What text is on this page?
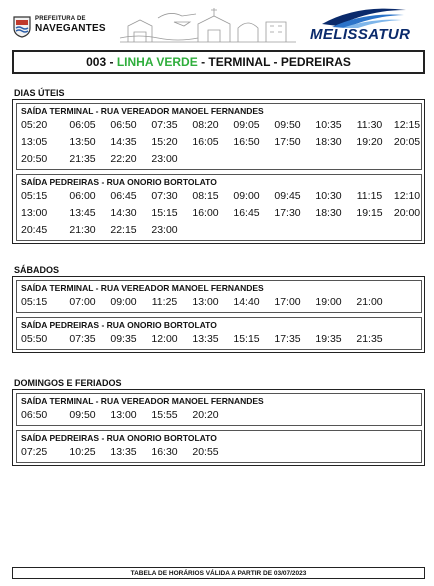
PREFEITURA DE
NAVEGANTES	MELISSATUR
003 - LINHA VERDE - TERMINAL - PEDREIRAS
DIAS ÚTEIS
SAÍDA TERMINAL - RUA VEREADOR MANOEL FERNANDES
05:20	06:05	06:50	07:35	08:20	09:05	09:50	10:35	11:30	12:15
13:05	13:50	14:35	15:20	16:05	16:50	17:50	18:30	19:20	20:05
20:50	21:35	22:20	23:00
SAÍDA PEDREIRAS - RUA ONORIO BORTOLATO
05:15	06:00	06:45	07:30	08:15	09:00	09:45	10:30	11:15	12:10
13:00	13:45	14:30	15:15	16:00	16:45	17:30	18:30	19:15	20:00
20:45	21:30	22:15	23:00
SÁBADOS
SAÍDA TERMINAL - RUA VEREADOR MANOEL FERNANDES
05:15	07:00	09:00	11:25	13:00	14:40	17:00	19:00	21:00
SAÍDA PEDREIRAS - RUA ONORIO BORTOLATO
05:50	07:35	09:35	12:00	13:35	15:15	17:35	19:35	21:35
DOMINGOS E FERIADOS
SAÍDA TERMINAL - RUA VEREADOR MANOEL FERNANDES
06:50	09:50	13:00	15:55	20:20
SAÍDA PEDREIRAS - RUA ONORIO BORTOLATO
07:25	10:25	13:35	16:30	20:55
TABELA DE HORÁRIOS VÁLIDA A PARTIR DE 03/07/2023
